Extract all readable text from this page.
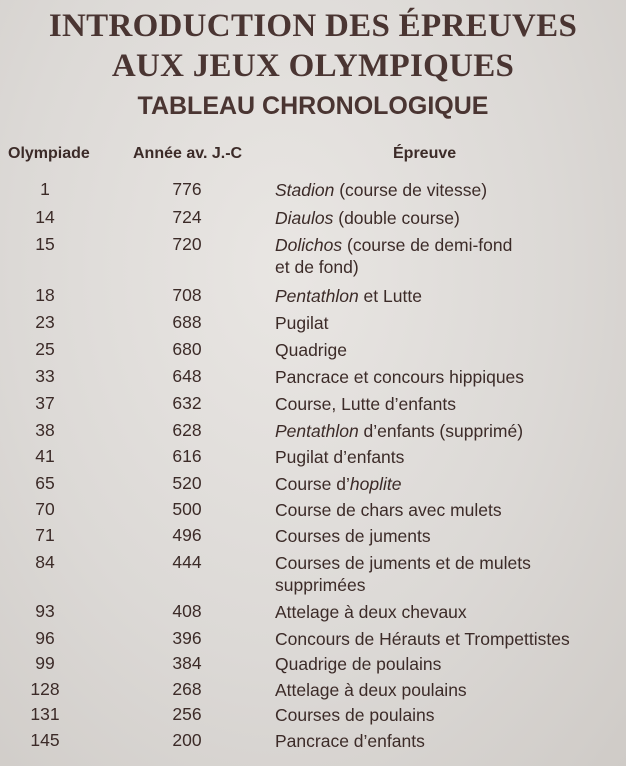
INTRODUCTION DES ÉPREUVES
AUX JEUX OLYMPIQUES
TABLEAU CHRONOLOGIQUE
Olympiade	Année av. J.-C	Épreuve
1	776	Stadion (course de vitesse)
14	724	Diaulos (double course)
15	720	Dolichos (course de demi-fond
et de fond)
18	708	Pentathlon et Lutte
23	688	Pugilat
25	680	Quadrige
33	648	Pancrace et concours hippiques
37	632	Course, Lutte d’enfants
38	628	Pentathlon d’enfants (supprimé)
41	616	Pugilat d’enfants
65	520	Course d’hoplite
70	500	Course de chars avec mulets
71	496	Courses de juments
84	444	Courses de juments et de mulets
supprimées
93	408	Attelage à deux chevaux
96	396	Concours de Hérauts et Trompettistes
99	384	Quadrige de poulains
128	268	Attelage à deux poulains
131	256	Courses de poulains
145	200	Pancrace d’enfants
